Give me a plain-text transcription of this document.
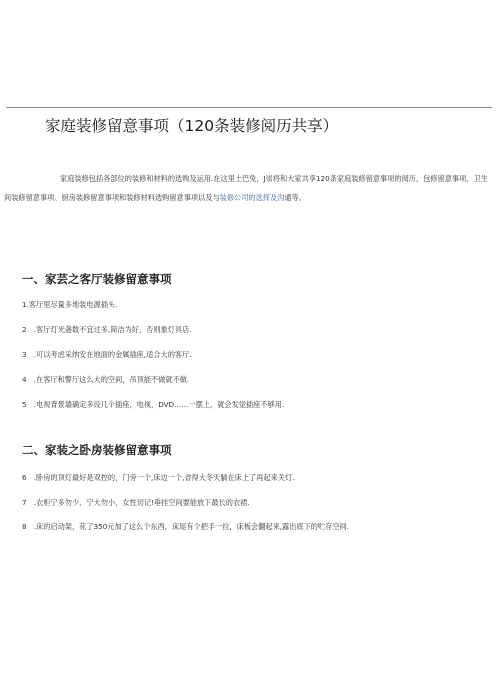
家庭装修留意事项（120条装修阅历共享）

家庭装修包括各部位的装修和材料的选购及运用.在这里土巴兔，J崇将和大家共享120条家庭装修留意事项的阅历，包修留意事项、卫生间装修留意事项、厨房装修留意事项和装修材料选购留意事项以及与装修公司的选择及沟通等。

一、家芸之客厅装修留意事项

1.客厅里尽量多地装电源插头.

2　.客厅灯光盏数不宜过多,简洁为好，否则象灯具店.

3　.可以考虑采纳安在地面的金属插座,适合大的客厅.

4　.在客厅和警厅这么大的空间，吊顶能不做就不做.

5　.电视背景墙确定多设几个插座，电视，DVD……一摆上，就会发觉插座不够用.

二、家装之卧房装修留意事项

6　.卧房的顶灯最好是双控的，门旁一个,床边一个,省得大冬天躺在床上了再起来关灯.

7　.衣柜宁多勿少、宁大勿小，女性切记!垂挂空间要能放下最长的衣裙.

8　.床的启动架，花了350元加了这么个东西，床尾有个把手一拉，床板会翻起来,露出底下的贮存空间.
